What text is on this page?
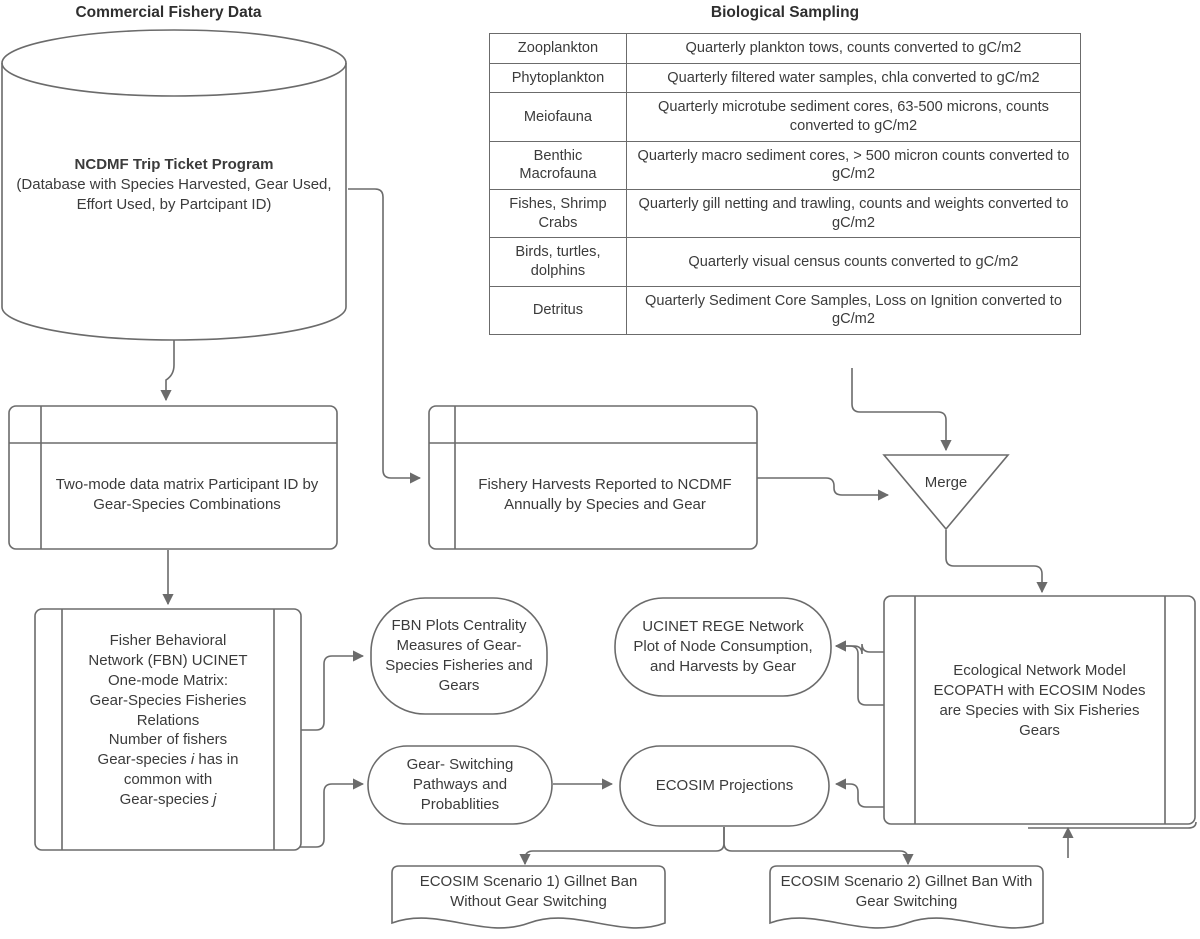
Commercial Fishery Data	Biological Sampling
NCDMF Trip Ticket Program
(Database with Species Harvested, Gear Used, Effort Used, by Partcipant ID)
Zooplankton	Quarterly plankton tows, counts converted to gC/m2
Phytoplankton	Quarterly filtered water samples, chla converted to gC/m2
Meiofauna	Quarterly microtube sediment cores, 63-500 microns, counts converted to gC/m2
Benthic Macrofauna	Quarterly macro sediment cores, > 500 micron counts converted to gC/m2
Fishes, Shrimp Crabs	Quarterly gill netting and trawling, counts and weights converted to gC/m2
Birds, turtles, dolphins	Quarterly visual census counts converted to gC/m2
Detritus	Quarterly Sediment Core Samples, Loss on Ignition converted to gC/m2
Two-mode data matrix Participant ID by Gear-Species Combinations
Fishery Harvests Reported to NCDMF Annually by Species and Gear
Merge
Fisher Behavioral
Network (FBN) UCINET
One-mode Matrix:
Gear-Species Fisheries
Relations
Number of fishers
Gear-species i has in
common with
Gear-species j
FBN Plots Centrality Measures of Gear-Species Fisheries and Gears
UCINET REGE Network Plot of Node Consumption, and Harvests by Gear	Ecological Network Model ECOPATH with ECOSIM Nodes are Species with Six Fisheries Gears
Gear- Switching Pathways and Probablities
ECOSIM Projections
ECOSIM Scenario 1) Gillnet Ban Without Gear Switching
ECOSIM Scenario 2) Gillnet Ban With Gear Switching
